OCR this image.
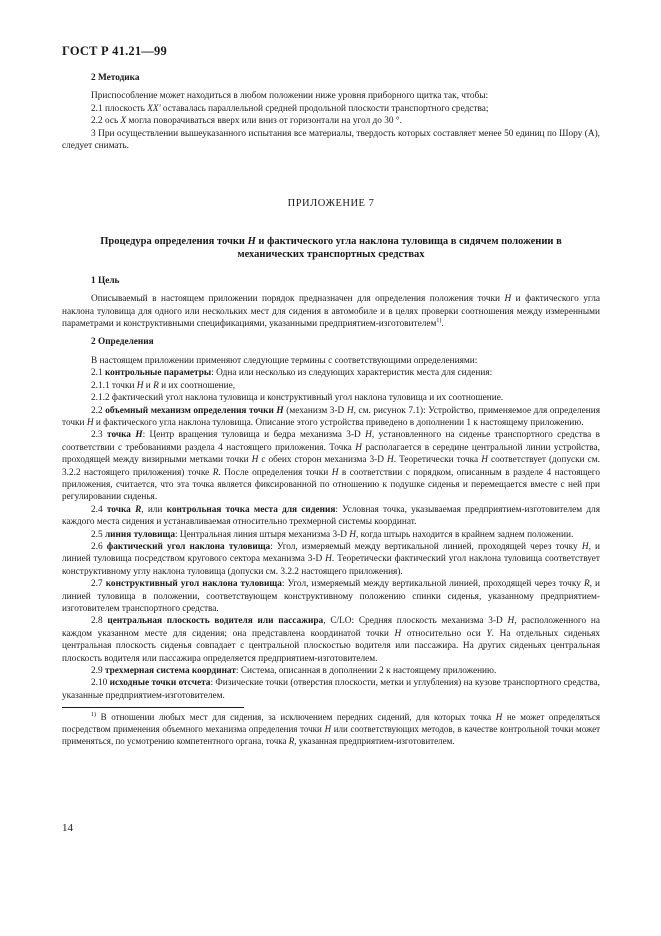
ГОСТ Р 41.21—99

2 Методика

Приспособление может находиться в любом положении ниже уровня приборного щитка так, чтобы:

2.1 плоскость XX' оставалась параллельной средней продольной плоскости транспортного средства;

2.2 ось X могла поворачиваться вверх или вниз от горизонтали на угол до 30 °.

3 При осуществлении вышеуказанного испытания все материалы, твердость которых составляет менее 50 единиц по Шору (А), следует снимать.

ПРИЛОЖЕНИЕ 7

Процедура определения точки Н и фактического угла наклона туловища в сидячем положении в механических транспортных средствах

1 Цель

Описываемый в настоящем приложении порядок предназначен для определения положения точки Н и фактического угла наклона туловища для одного или нескольких мест для сидения в автомобиле и в целях проверки соотношения между измеренными параметрами и конструктивными спецификациями, указанными предприятием-изготовителем$^{1)}$.

2 Определения

В настоящем приложении применяют следующие термины с соответствующими определениями:

2.1 контрольные параметры: Одна или несколько из следующих характеристик места для сидения:

2.1.1 точки Н и R и их соотношение,

2.1.2 фактический угол наклона туловища и конструктивный угол наклона туловища и их соотношение.

2.2 объемный механизм определения точки Н (механизм 3-D Н, см. рисунок 7.1): Устройство, применяемое для определения точки Н и фактического угла наклона туловища. Описание этого устройства приведено в дополнении 1 к настоящему приложению.

2.3 точка Н: Центр вращения туловища и бедра механизма 3-D Н, установленного на сиденье транспортного средства в соответствии с требованиями раздела 4 настоящего приложения. Точка Н располагается в середине центральной линии устройства, проходящей между визирными метками точки Н с обеих сторон механизма 3-D Н. Теоретически точка Н соответствует (допуски см. 3.2.2 настоящего приложения) точке R. После определения точки Н в соответствии с порядком, описанным в разделе 4 настоящего приложения, считается, что эта точка является фиксированной по отношению к подушке сиденья и перемещается вместе с ней при регулировании сиденья.

2.4 точка R, или контрольная точка места для сидения: Условная точка, указываемая предприятием-изготовителем для каждого места сидения и устанавливаемая относительно трехмерной системы координат.

2.5 линия туловища: Центральная линия штыря механизма 3-D Н, когда штырь находится в крайнем заднем положении.

2.6 фактический угол наклона туловища: Угол, измеряемый между вертикальной линией, проходящей через точку Н, и линией туловища посредством кругового сектора механизма 3-D Н. Теоретически фактический угол наклона туловища соответствует конструктивному углу наклона туловища (допуски см. 3.2.2 настоящего приложения).

2.7 конструктивный угол наклона туловища: Угол, измеряемый между вертикальной линией, проходящей через точку R, и линией туловища в положении, соответствующем конструктивному положению спинки сиденья, указанному предприятием-изготовителем транспортного средства.

2.8 центральная плоскость водителя или пассажира, C/LO: Средняя плоскость механизма 3-D Н, расположенного на каждом указанном месте для сидения; она представлена координатой точки Н относительно оси Y. На отдельных сиденьях центральная плоскость сиденья совпадает с центральной плоскостью водителя или пассажира. На других сиденьях центральная плоскость водителя или пассажира определяется предприятием-изготовителем.

2.9 трехмерная система координат: Система, описанная в дополнении 2 к настоящему приложению.

2.10 исходные точки отсчета: Физические точки (отверстия плоскости, метки и углубления) на кузове транспортного средства, указанные предприятием-изготовителем.

$^{1)}$ В отношении любых мест для сидения, за исключением передних сидений, для которых точка Н не может определяться посредством применения объемного механизма определения точки Н или соответствующих методов, в качестве контрольной точки может применяться, по усмотрению компетентного органа, точка R, указанная предприятием-изготовителем.

14
